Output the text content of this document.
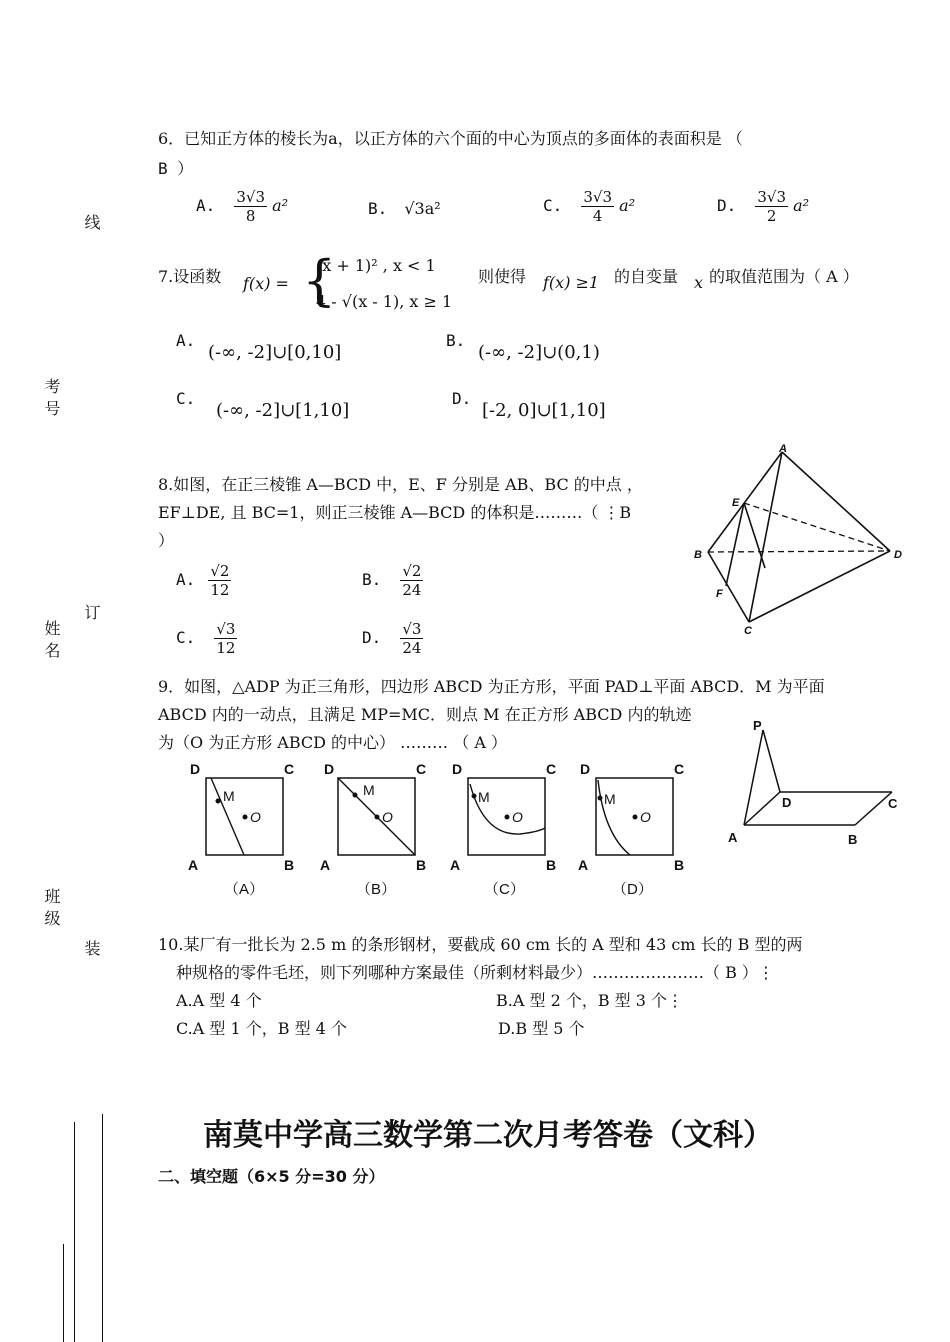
线
考号
订
姓名
班级
装
6．已知正方体的棱长为a，以正方体的六个面的中心为顶点的多面体的表面积是 （
B ）
A. $\frac{3√3}{8} a^2$	B. √3a²	C. $\frac{3√3}{4} a^2$	D. $\frac{3√3}{2} a^2$
7.设函数 f(x) = {
(x + 1)² , x < 1
4 - √(x - 1), x ≥ 1
则使得 f(x) ≥1 的自变量 x 的取值范围为（ A ）
A.
(-∞, -2]∪[0,10]
B.
(-∞, -2]∪(0,1)
C.
(-∞, -2]∪[1,10]
D.
[-2, 0]∪[1,10]
8.如图，在正三棱锥 A—BCD 中，E、F 分别是 AB、BC 的中点 ，
EF⊥DE, 且 BC=1，则正三棱锥 A—BCD 的体积是………（ ⋮B
）
A. $\frac{√2}{12}$	B. $\frac{√2}{24}$
C. $\frac{√3}{12}$	D. $\frac{√3}{24}$
A
B
C
D
E
F
9．如图，△ADP 为正三角形，四边形 ABCD 为正方形，平面 PAD⊥平面 ABCD．M 为平面
ABCD 内的一动点，且满足 MP=MC．则点 M 在正方形 ABCD 内的轨迹
为（O 为正方形 ABCD 的中心） ……… （ A ）
D	C
A	B
M
O
（A）
D	C
A	B
M
O
（B）
D	C
A	B
M
O
（C）
D	C
A	B
M
O
（D）
P
D	C
A	B
10.某厂有一批长为 2.5 m 的条形钢材，要截成 60 cm 长的 A 型和 43 cm 长的 B 型的两
种规格的零件毛坯，则下列哪种方案最佳（所剩材料最少）…………………（ B ）⋮
A.A 型 4 个	B.A 型 2 个，B 型 3 个⋮
C.A 型 1 个，B 型 4 个	D.B 型 5 个
南莫中学高三数学第二次月考答卷（文科）
二、填空题（6×5 分=30 分）
